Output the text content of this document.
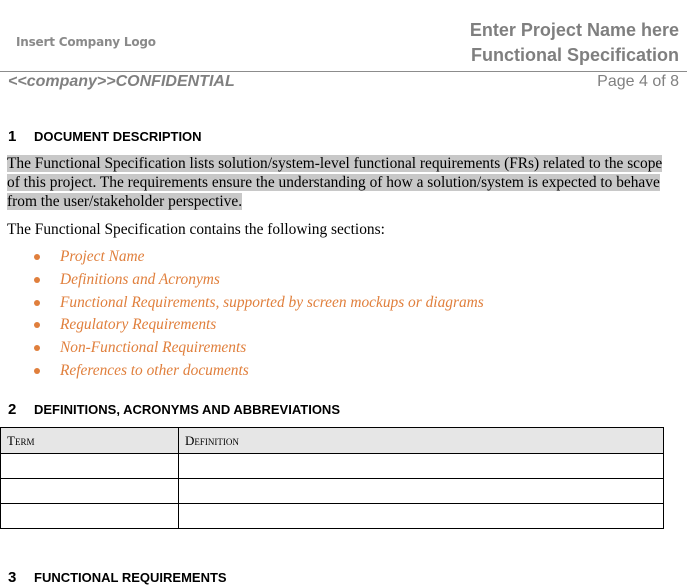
Insert Company Logo
Enter Project Name here
Functional Specification
<<company>>CONFIDENTIAL	Page 4 of 8
1 DOCUMENT DESCRIPTION
The Functional Specification lists solution/system-level functional requirements (FRs) related to the scope of this project. The requirements ensure the understanding of how a solution/system is expected to behave from the user/stakeholder perspective.
The Functional Specification contains the following sections:
Project Name
Definitions and Acronyms
Functional Requirements, supported by screen mockups or diagrams
Regulatory Requirements
Non-Functional Requirements
References to other documents
2 DEFINITIONS, ACRONYMS AND ABBREVIATIONS
Term	Definition

3 FUNCTIONAL REQUIREMENTS
